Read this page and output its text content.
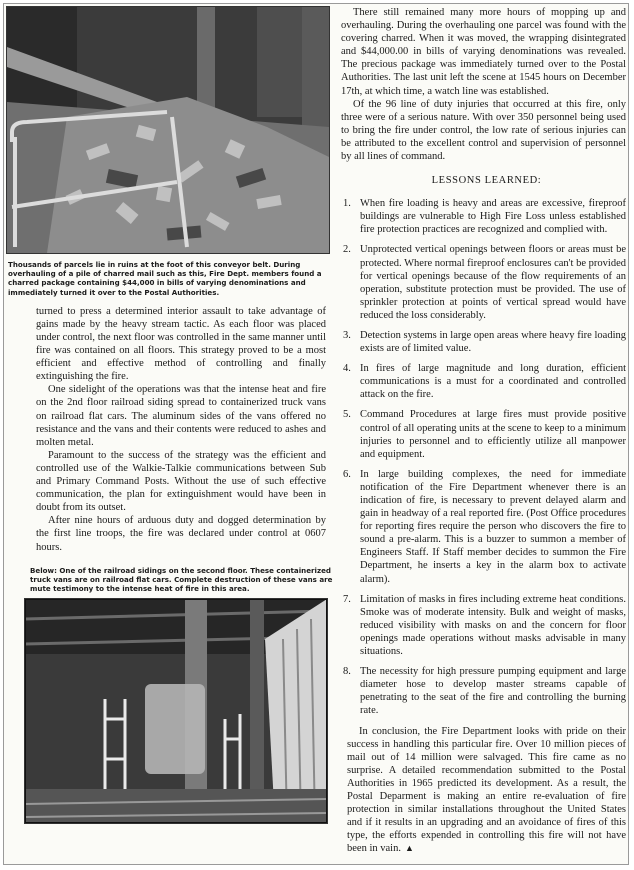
Thousands of parcels lie in ruins at the foot of this conveyor belt. During overhauling of a pile of charred mail such as this, Fire Dept. members found a charred package containing $44,000 in bills of varying denominations and immediately turned it over to the Postal Authorities.

turned to press a determined interior assault to take advantage of gains made by the heavy stream tactic. As each floor was placed under control, the next floor was controlled in the same manner until fire was contained on all floors. This strategy proved to be a most efficient and effective method of controlling and finally extinguishing the fire.

One sidelight of the operations was that the intense heat and fire on the 2nd floor railroad siding spread to containerized truck vans on railroad flat cars. The aluminum sides of the vans offered no resistance and the vans and their contents were reduced to ashes and molten metal.

Paramount to the success of the strategy was the efficient and controlled use of the Walkie-Talkie communications between Sub and Primary Command Posts. Without the use of such effective communication, the plan for extinguishment would have been in doubt from its outset.

After nine hours of arduous duty and dogged determination by the first line troops, the fire was declared under control at 0607 hours.

Below: One of the railroad sidings on the second floor. These containerized truck vans are on railroad flat cars. Complete destruction of these vans are mute testimony to the intense heat of fire in this area.

There still remained many more hours of mopping up and overhauling. During the overhauling one parcel was found with the covering charred. When it was moved, the wrapping disintegrated and $44,000.00 in bills of varying denominations was revealed. The precious package was immediately turned over to the Postal Authorities. The last unit left the scene at 1545 hours on December 17th, at which time, a watch line was established.

Of the 96 line of duty injuries that occurred at this fire, only three were of a serious nature. With over 350 personnel being used to bring the fire under control, the low rate of serious injuries can be attributed to the excellent control and supervision of personnel by all lines of command.

LESSONS LEARNED:
1. When fire loading is heavy and areas are excessive, fireproof buildings are vulnerable to High Fire Loss unless established fire protection practices are recognized and complied with.

2. Unprotected vertical openings between floors or areas must be protected. Where normal fireproof enclosures can't be provided for vertical openings because of the flow requirements of an operation, substitute protection must be provided. The use of sprinkler protection at points of vertical spread would have reduced the loss considerably.

3. Detection systems in large open areas where heavy fire loading exists are of limited value.

4. In fires of large magnitude and long duration, efficient communications is a must for a coordinated and controlled attack on the fire.

5. Command Procedures at large fires must provide positive control of all operating units at the scene to keep to a minimum injuries to personnel and to efficiently utilize all manpower and equipment.

6. In large building complexes, the need for immediate notification of the Fire Department whenever there is an indication of fire, is necessary to prevent delayed alarm and gain in headway of a real reported fire. (Post Office procedures for reporting fires require the person who discovers the fire to sound a pre-alarm. This is a buzzer to summon a member of Engineers Staff. If Staff member decides to summon the Fire Department, he inserts a key in the alarm box to activate alarm).

7. Limitation of masks in fires including extreme heat conditions. Smoke was of moderate intensity. Bulk and weight of masks, reduced visibility with masks on and the concern for floor openings made operations without masks advisable in many situations.

8. The necessity for high pressure pumping equipment and large diameter hose to develop master streams capable of penetrating to the seat of the fire and controlling the burning rate.

In conclusion, the Fire Department looks with pride on their success in handling this particular fire. Over 10 million pieces of mail out of 14 million were salvaged. This fire came as no surprise. A detailed recommendation submitted to the Postal Authorities in 1965 predicted its development. As a result, the Postal Deparment is making an entire re-evaluation of fire protection in similar installations throughout the United States and if it results in an upgrading and an avoidance of fires of this type, the efforts expended in controlling this fire will not have been in vain. ▲
